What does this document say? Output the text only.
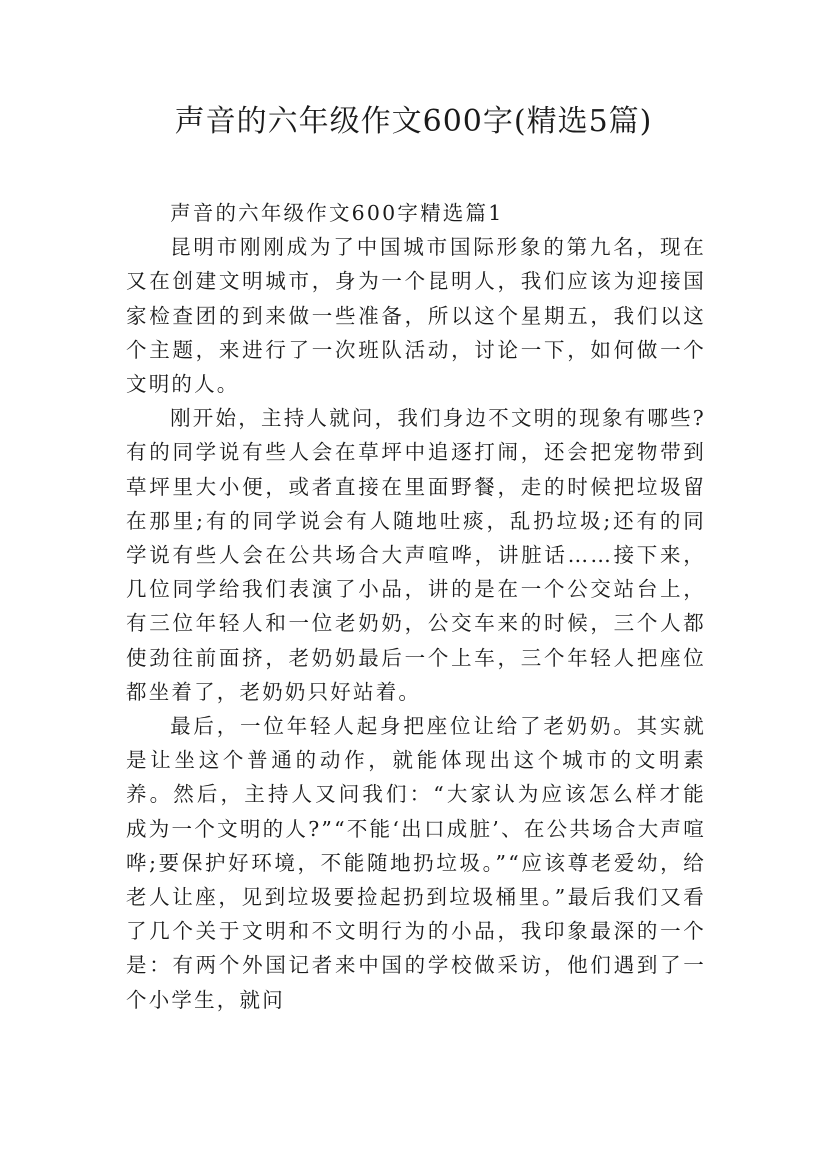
声音的六年级作文600字(精选5篇)

声音的六年级作文600字精选篇1

昆明市刚刚成为了中国城市国际形象的第九名，现在又在创建文明城市，身为一个昆明人，我们应该为迎接国家检查团的到来做一些准备，所以这个星期五，我们以这个主题，来进行了一次班队活动，讨论一下，如何做一个文明的人。

刚开始，主持人就问，我们身边不文明的现象有哪些?有的同学说有些人会在草坪中追逐打闹，还会把宠物带到草坪里大小便，或者直接在里面野餐，走的时候把垃圾留在那里;有的同学说会有人随地吐痰，乱扔垃圾;还有的同学说有些人会在公共场合大声喧哗，讲脏话……接下来，几位同学给我们表演了小品，讲的是在一个公交站台上，有三位年轻人和一位老奶奶，公交车来的时候，三个人都使劲往前面挤，老奶奶最后一个上车，三个年轻人把座位都坐着了，老奶奶只好站着。

最后，一位年轻人起身把座位让给了老奶奶。其实就是让坐这个普通的动作，就能体现出这个城市的文明素养。然后，主持人又问我们：“大家认为应该怎么样才能成为一个文明的人?”“不能‘出口成脏’、在公共场合大声喧哗;要保护好环境，不能随地扔垃圾。”“应该尊老爱幼，给老人让座，见到垃圾要捡起扔到垃圾桶里。”最后我们又看了几个关于文明和不文明行为的小品，我印象最深的一个是：有两个外国记者来中国的学校做采访，他们遇到了一个小学生，就问
